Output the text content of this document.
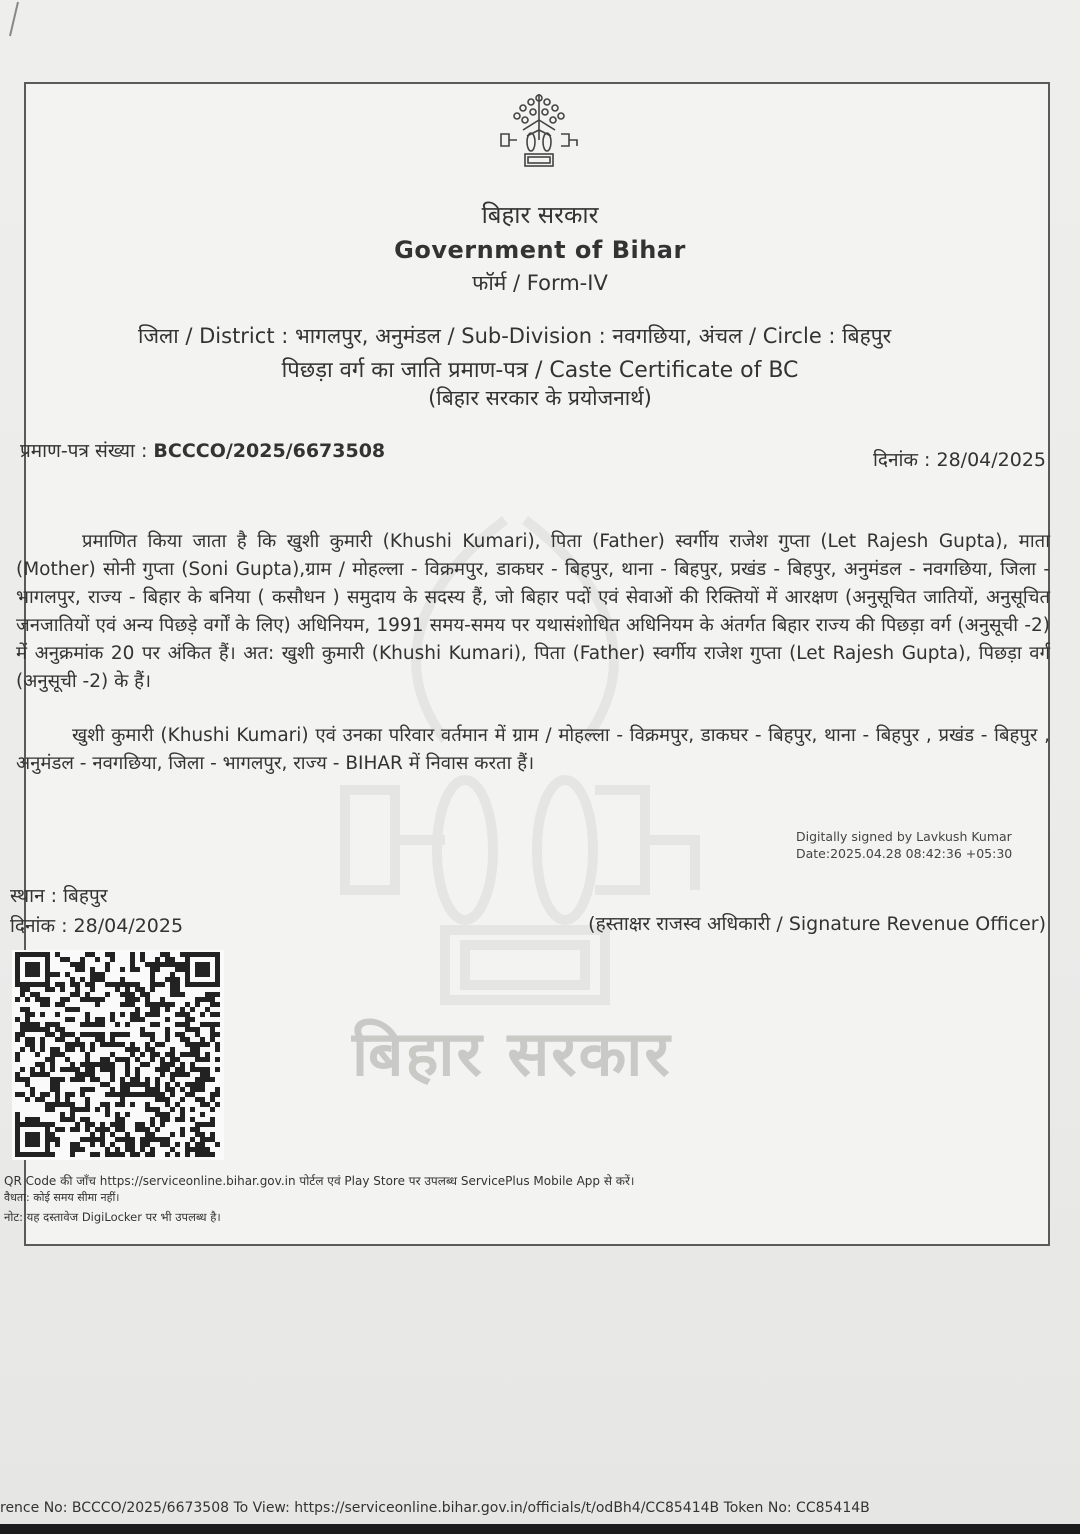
बिहार सरकार
बिहार सरकार
Government of Bihar
फॉर्म / Form-IV
जिला / District : भागलपुर, अनुमंडल / Sub-Division : नवगछिया, अंचल / Circle : बिहपुर
पिछड़ा वर्ग का जाति प्रमाण-पत्र / Caste Certificate of BC
(बिहार सरकार के प्रयोजनार्थ)
प्रमाण-पत्र संख्या : BCCCO/2025/6673508	दिनांक : 28/04/2025
प्रमाणित किया जाता है कि खुशी कुमारी (Khushi Kumari), पिता (Father) स्वर्गीय राजेश गुप्ता (Let Rajesh Gupta), माता (Mother) सोनी गुप्ता (Soni Gupta),ग्राम / मोहल्ला - विक्रमपुर, डाकघर - बिहपुर, थाना - बिहपुर, प्रखंड - बिहपुर, अनुमंडल - नवगछिया, जिला - भागलपुर, राज्य - बिहार के बनिया ( कसौधन ) समुदाय के सदस्य हैं, जो बिहार पदों एवं सेवाओं की रिक्तियों में आरक्षण (अनुसूचित जातियों, अनुसूचित जनजातियों एवं अन्य पिछड़े वर्गों के लिए) अधिनियम, 1991 समय-समय पर यथासंशोधित अधिनियम के अंतर्गत बिहार राज्य की पिछड़ा वर्ग (अनुसूची -2) में अनुक्रमांक 20 पर अंकित हैं। अत: खुशी कुमारी (Khushi Kumari), पिता (Father) स्वर्गीय राजेश गुप्ता (Let Rajesh Gupta), पिछड़ा वर्ग (अनुसूची -2) के हैं।
खुशी कुमारी (Khushi Kumari) एवं उनका परिवार वर्तमान में ग्राम / मोहल्ला - विक्रमपुर, डाकघर - बिहपुर, थाना - बिहपुर , प्रखंड - बिहपुर , अनुमंडल - नवगछिया, जिला - भागलपुर, राज्य - BIHAR में निवास करता हैं।
Digitally signed by Lavkush Kumar
Date:2025.04.28 08:42:36 +05:30
स्थान : बिहपुर
दिनांक : 28/04/2025	(हस्ताक्षर राजस्व अधिकारी / Signature Revenue Officer)
QR Code की जाँच https://serviceonline.bihar.gov.in पोर्टल एवं Play Store पर उपलब्ध ServicePlus Mobile App से करें।
वैधता: कोई समय सीमा नहीं।
नोट: यह दस्तावेज DigiLocker पर भी उपलब्ध है।
rence No: BCCCO/2025/6673508 To View: https://serviceonline.bihar.gov.in/officials/t/odBh4/CC85414B Token No: CC85414B
